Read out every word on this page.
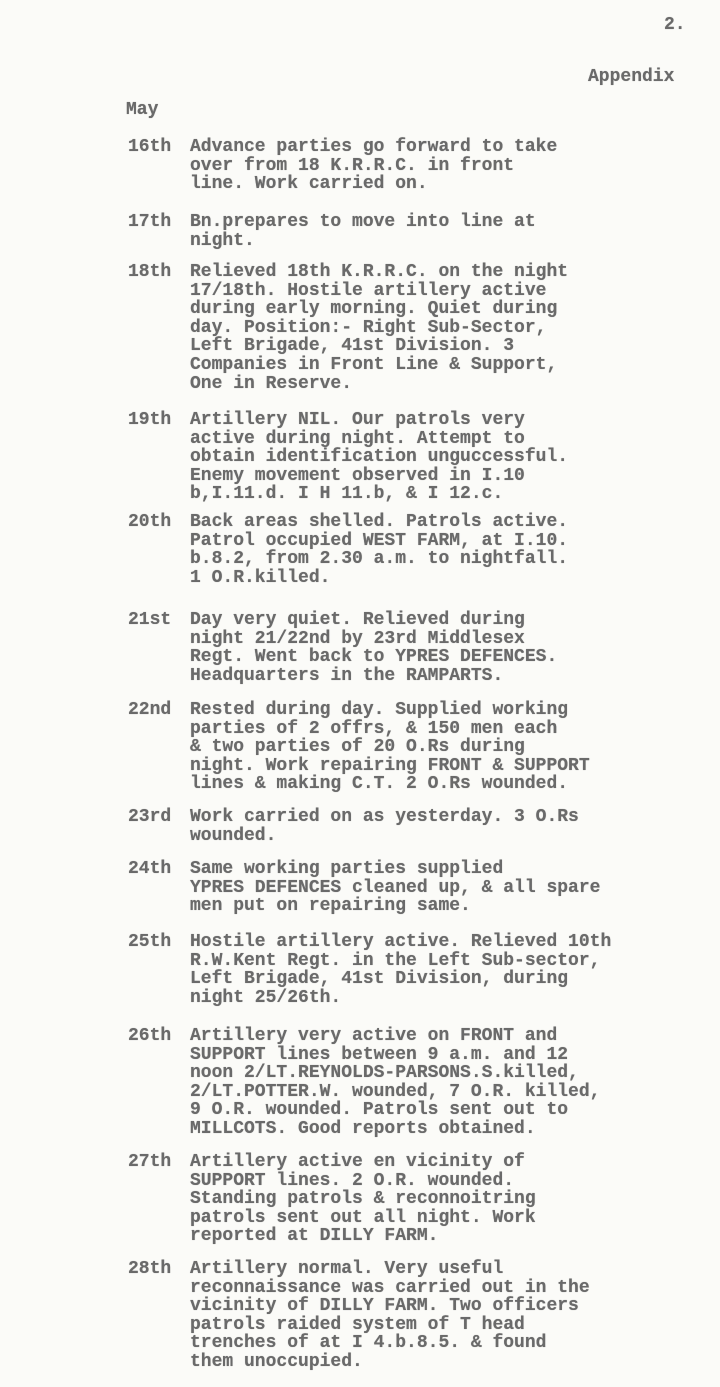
2.
Appendix
May
16th Advance parties go forward to take
over from 18 K.R.R.C. in front
line. Work carried on.
17th Bn.prepares to move into line at
night.
18th Relieved 18th K.R.R.C. on the night
17/18th. Hostile artillery active
during early morning. Quiet during
day. Position:- Right Sub-Sector,
Left Brigade, 41st Division. 3
Companies in Front Line & Support,
One in Reserve.
19th Artillery NIL. Our patrols very
active during night. Attempt to
obtain identification unguccessful.
Enemy movement observed in I.10
b,I.11.d. I H 11.b, & I 12.c.
20th Back areas shelled. Patrols active.
Patrol occupied WEST FARM, at I.10.
b.8.2, from 2.30 a.m. to nightfall.
1 O.R.killed.
21st Day very quiet. Relieved during
night 21/22nd by 23rd Middlesex
Regt. Went back to YPRES DEFENCES.
Headquarters in the RAMPARTS.
22nd Rested during day. Supplied working
parties of 2 offrs, & 150 men each
& two parties of 20 O.Rs during
night. Work repairing FRONT & SUPPORT
lines & making C.T. 2 O.Rs wounded.
23rd Work carried on as yesterday. 3 O.Rs
wounded.
24th Same working parties supplied
YPRES DEFENCES cleaned up, & all spare
men put on repairing same.
25th Hostile artillery active. Relieved 10th
R.W.Kent Regt. in the Left Sub-sector,
Left Brigade, 41st Division, during
night 25/26th.
26th Artillery very active on FRONT and
SUPPORT lines between 9 a.m. and 12
noon 2/LT.REYNOLDS-PARSONS.S.killed,
2/LT.POTTER.W. wounded, 7 O.R. killed,
9 O.R. wounded. Patrols sent out to
MILLCOTS. Good reports obtained.
27th Artillery active en vicinity of
SUPPORT lines. 2 O.R. wounded.
Standing patrols & reconnoitring
patrols sent out all night. Work
reported at DILLY FARM.
28th Artillery normal. Very useful
reconnaissance was carried out in the
vicinity of DILLY FARM. Two officers
patrols raided system of T head
trenches of at I 4.b.8.5. & found
them unoccupied.
